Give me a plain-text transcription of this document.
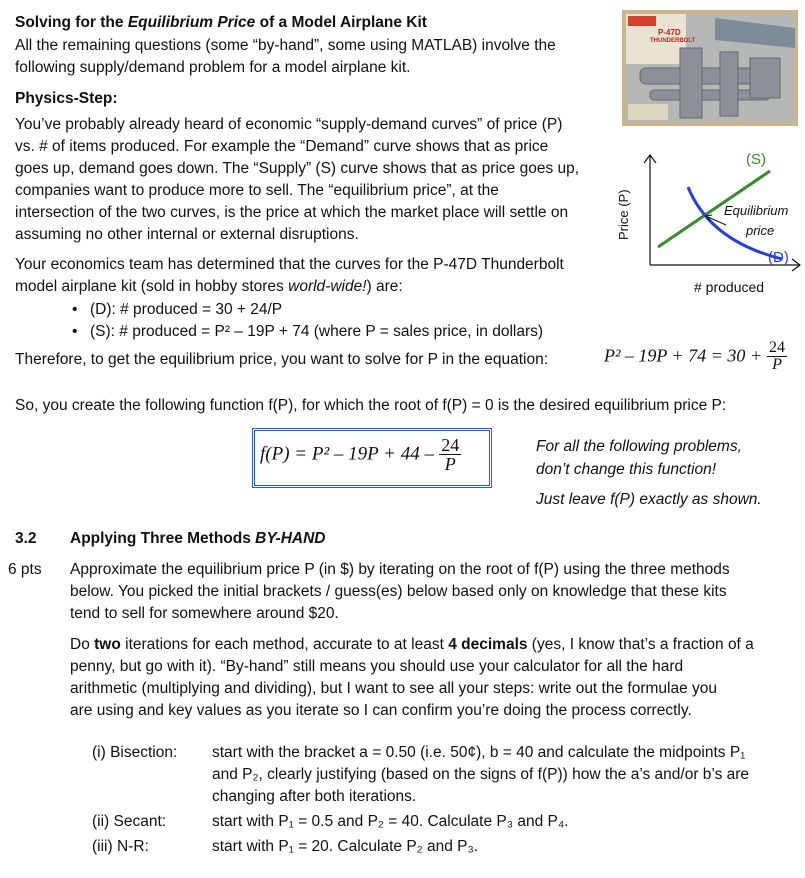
Solving for the Equilibrium Price of a Model Airplane Kit
All the remaining questions (some “by-hand”, some using MATLAB) involve the
following supply/demand problem for a model airplane kit.
Physics-Step:
You’ve probably already heard of economic “supply-demand curves” of price (P)
vs. # of items produced. For example the “Demand” curve shows that as price
goes up, demand goes down. The “Supply” (S) curve shows that as price goes up,
companies want to produce more to sell. The “equilibrium price”, at the
intersection of the two curves, is the price at which the market place will settle on
assuming no other internal or external disruptions.
Your economics team has determined that the curves for the P-47D Thunderbolt
model airplane kit (sold in hobby stores world-wide!) are:
• (D): # produced = 30 + 24/P
• (S): # produced = P² – 19P + 74 (where P = sales price, in dollars)
P-47D
THUNDERBOLT
Price (P)
# produced
(S)
Equilibrium
price
(D)
Therefore, to get the equilibrium price, you want to solve for P in the equation:	$P^2 - 19P + 74 = 30 + \frac{24}{P}$
So, you create the following function f(P), for which the root of f(P) = 0 is the desired equilibrium price P:
$f(P) = P^2 - 19P + 44 - \frac{24}{P}$	For all the following problems,
don’t change this function!
Just leave f(P) exactly as shown.
3.2 Applying Three Methods BY-HAND
6 pts Approximate the equilibrium price P (in $) by iterating on the root of f(P) using the three methods
below. You picked the initial brackets / guess(es) below based only on knowledge that these kits
tend to sell for somewhere around $20.
Do two iterations for each method, accurate to at least 4 decimals (yes, I know that’s a fraction of a
penny, but go with it). “By-hand” still means you should use your calculator for all the hard
arithmetic (multiplying and dividing), but I want to see all your steps: write out the formulae you
are using and key values as you iterate so I can confirm you’re doing the process correctly.
(i) Bisection: start with the bracket a = 0.50 (i.e. 50¢), b = 40 and calculate the midpoints P₁
and P₂, clearly justifying (based on the signs of f(P)) how the a’s and/or b’s are
changing after both iterations.
(ii) Secant:	start with P₁ = 0.5 and P₂ = 40. Calculate P₃ and P₄.
(iii) N-R:	start with P₁ = 20. Calculate P₂ and P₃.
